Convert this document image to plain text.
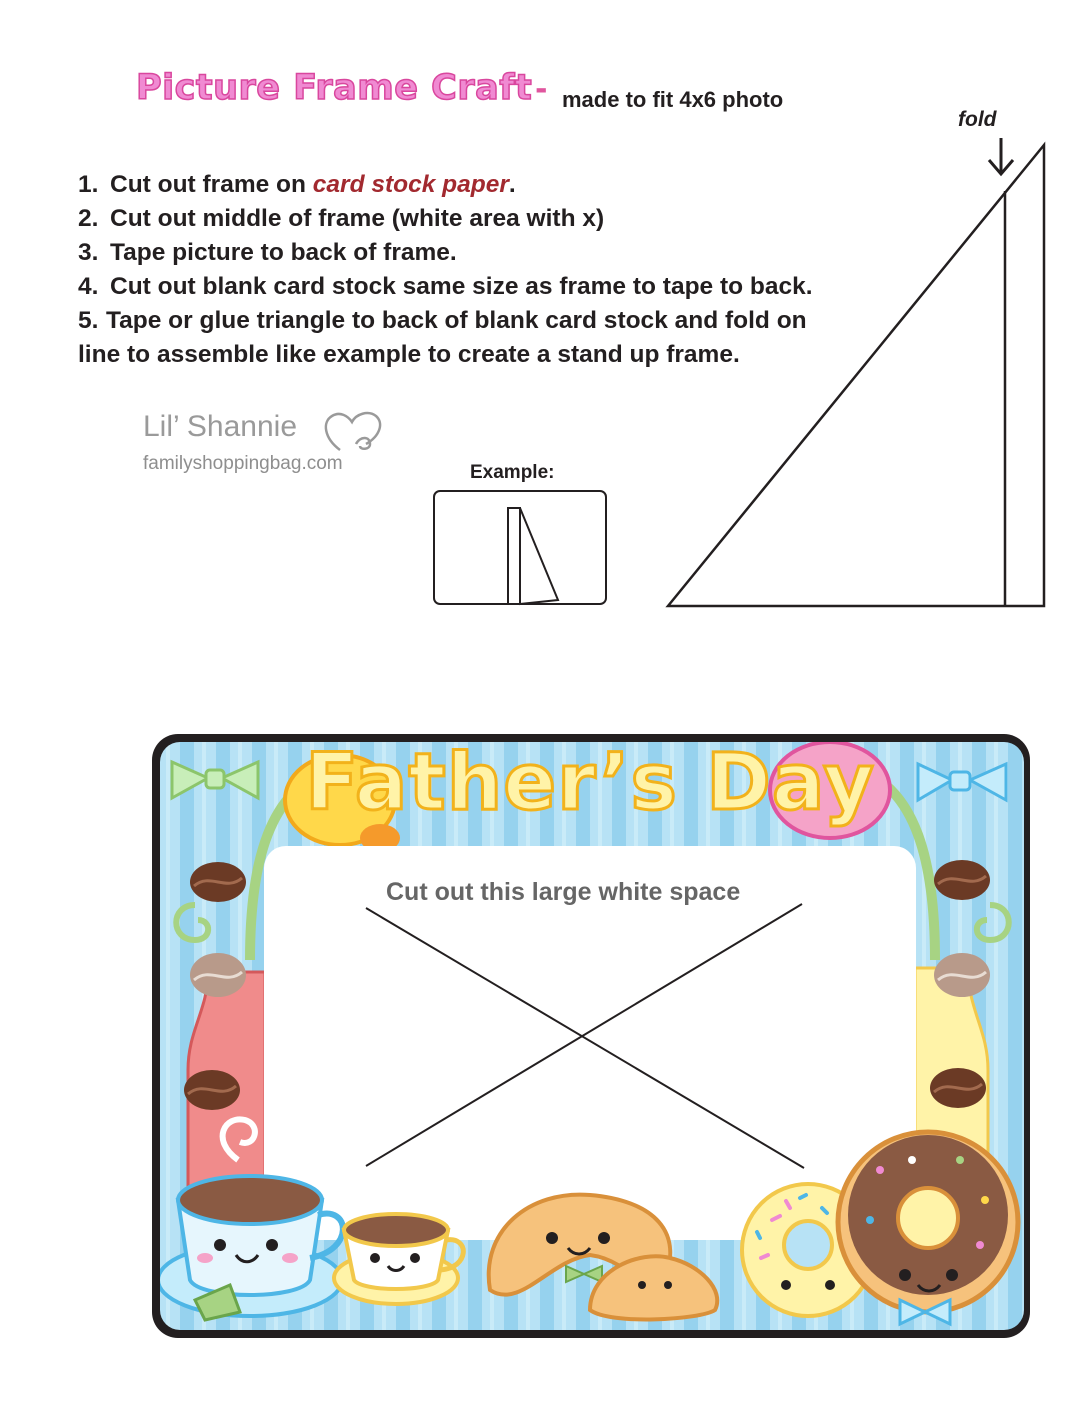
Picture Frame Craft - made to fit 4x6 photo
1. Cut out frame on card stock paper.
2. Cut out middle of frame (white area with x)
3. Tape picture to back of frame.
4. Cut out blank card stock same size as frame to tape to back.
5. Tape or glue triangle to back of blank card stock and fold on
line to assemble like example to create a stand up frame.
Lil’ Shannie
familyshoppingbag.com	Example:
fold
Father’s Day
Cut out this large white space
